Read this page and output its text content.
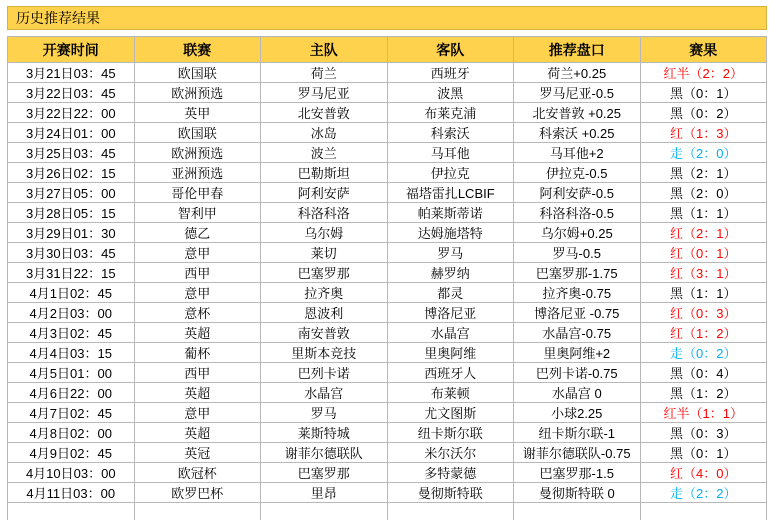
历史推荐结果
开赛时间	联赛	主队	客队	推荐盘口	赛果
3月21日03：45	欧国联	荷兰	西班牙	荷兰+0.25	红半（2：2）
3月22日03：45	欧洲预选	罗马尼亚	波黑	罗马尼亚-0.5	黑（0：1）
3月22日22：00	英甲	北安普敦	布莱克浦	北安普敦 +0.25	黑（0：2）
3月24日01：00	欧国联	冰岛	科索沃	科索沃 +0.25	红（1：3）
3月25日03：45	欧洲预选	波兰	马耳他	马耳他+2	走（2：0）
3月26日02：15	亚洲预选	巴勒斯坦	伊拉克	伊拉克-0.5	黑（2：1）
3月27日05：00	哥伦甲春	阿利安萨	福塔雷扎LCBIF	阿利安萨-0.5	黑（2：0）
3月28日05：15	智利甲	科洛科洛	帕莱斯蒂诺	科洛科洛-0.5	黑（1：1）
3月29日01：30	德乙	乌尔姆	达姆施塔特	乌尔姆+0.25	红（2：1）
3月30日03：45	意甲	莱切	罗马	罗马-0.5	红（0：1）
3月31日22：15	西甲	巴塞罗那	赫罗纳	巴塞罗那-1.75	红（3：1）
4月1日02：45	意甲	拉齐奥	都灵	拉齐奥-0.75	黑（1：1）
4月2日03：00	意杯	恩波利	博洛尼亚	博洛尼亚 -0.75	红（0：3）
4月3日02：45	英超	南安普敦	水晶宫	水晶宫-0.75	红（1：2）
4月4日03：15	葡杯	里斯本竞技	里奥阿维	里奥阿维+2	走（0：2）
4月5日01：00	西甲	巴列卡诺	西班牙人	巴列卡诺-0.75	黑（0：4）
4月6日22：00	英超	水晶宫	布莱顿	水晶宫 0	黑（1：2）
4月7日02：45	意甲	罗马	尤文图斯	小球2.25	红半（1：1）
4月8日02：00	英超	莱斯特城	纽卡斯尔联	纽卡斯尔联-1	黑（0：3）
4月9日02：45	英冠	谢菲尔德联队	米尔沃尔	谢菲尔德联队-0.75	黑（0：1）
4月10日03：00	欧冠杯	巴塞罗那	多特蒙德	巴塞罗那-1.5	红（4：0）
4月11日03：00	欧罗巴杯	里昂	曼彻斯特联	曼彻斯特联 0	走（2：2）
